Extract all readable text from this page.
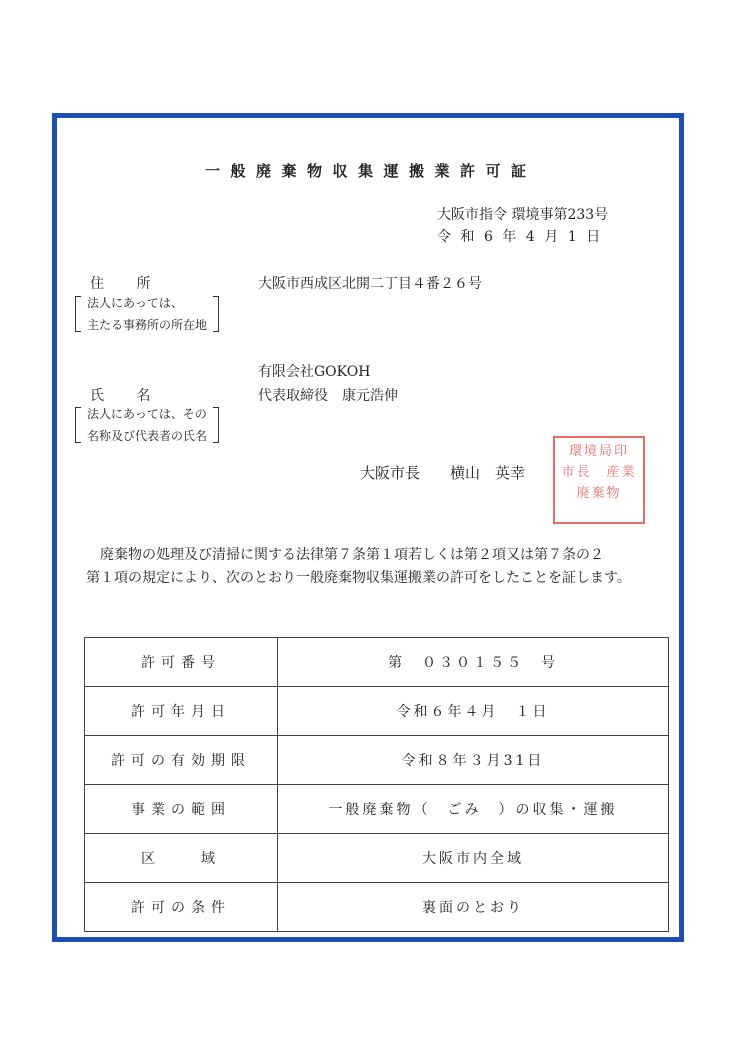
一般廃棄物収集運搬業許可証
大阪市指令 環境事第233号
令和6年4月1日
住 所
法人にあっては、
主たる事務所の所在地
大阪市西成区北開二丁目４番２６号
有限会社GOKOH
氏 名	代表取締役　康元浩伸
法人にあっては、その
名称及び代表者の氏名
大阪市長　　横山　英幸
環境局印　市長　産業廃棄物
廃棄物の処理及び清掃に関する法律第７条第１項若しくは第２項又は第７条の２
第１項の規定により、次のとおり一般廃棄物収集運搬業の許可をしたことを証します。
許可番号	第　０３０１５５　号
許可年月日	令和６年４月　１日
許可の有効期限	令和８年３月31日
事業の範囲	一般廃棄物（　ごみ　）の収集・運搬
区　　域	大阪市内全域
許可の条件	裏面のとおり
